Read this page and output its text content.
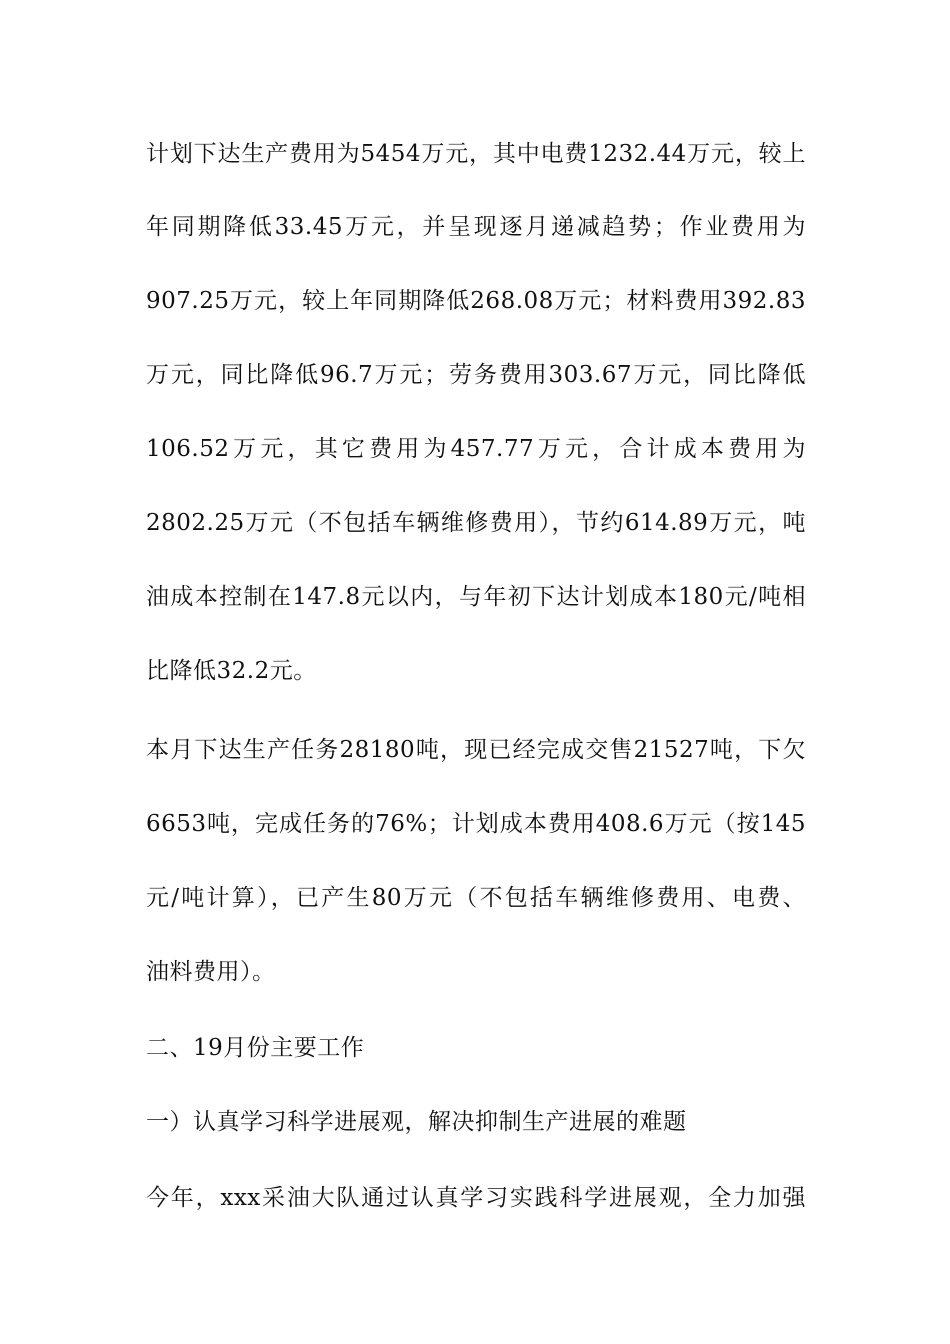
计划下达生产费用为5454万元，其中电费1232.44万元，较上
年同期降低33.45万元，并呈现逐月递减趋势；作业费用为
907.25万元，较上年同期降低268.08万元；材料费用392.83
万元，同比降低96.7万元；劳务费用303.67万元，同比降低
106.52万元，其它费用为457.77万元，合计成本费用为
2802.25万元（不包括车辆维修费用），节约614.89万元，吨
油成本控制在147.8元以内，与年初下达计划成本180元/吨相
比降低32.2元。
本月下达生产任务28180吨，现已经完成交售21527吨，下欠
6653吨，完成任务的76%；计划成本费用408.6万元（按145
元/吨计算），已产生80万元（不包括车辆维修费用、电费、
油料费用）。
二、19月份主要工作
一）认真学习科学进展观，解决抑制生产进展的难题
今年，xxx采油大队通过认真学习实践科学进展观，全力加强
